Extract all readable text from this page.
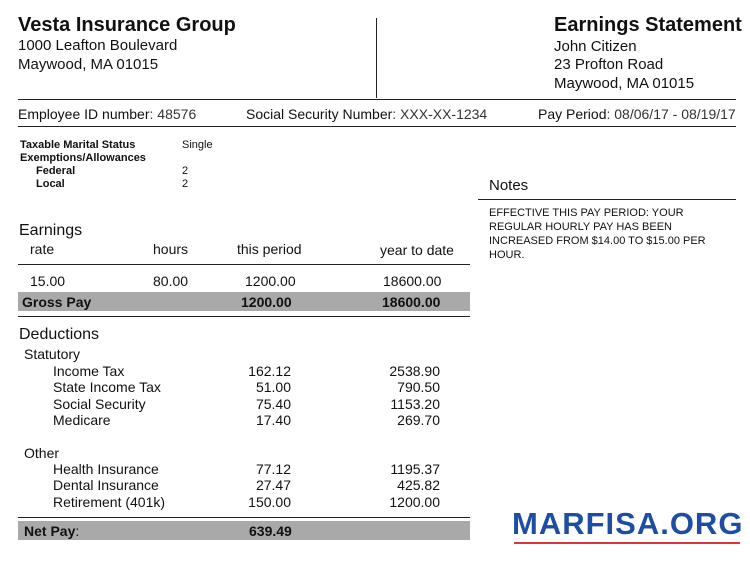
Vesta Insurance Group
1000 Leafton Boulevard
Maywood, MA 01015
Earnings Statement
John Citizen
23 Profton Road
Maywood, MA 01015
Employee ID number: 48576	Social Security Number: XXX-XX-1234	Pay Period: 08/06/17 - 08/19/17
Taxable Marital Status	Single
Exemptions/Allowances
Federal	2
Local	2
Earnings
rate	hours	this period	year to date
15.00	80.00	1200.00	18600.00
Gross Pay	1200.00	18600.00
Deductions
Statutory
Income Tax	162.12	2538.90
State Income Tax	51.00	790.50
Social Security	75.40	1153.20
Medicare	17.40	269.70
Other
Health Insurance	77.12	1195.37
Dental Insurance	27.47	425.82
Retirement (401k)	150.00	1200.00
Net Pay:	639.49
Notes
EFFECTIVE THIS PAY PERIOD: YOUR REGULAR HOURLY PAY HAS BEEN INCREASED FROM $14.00 TO $15.00 PER HOUR.
MARFISA.ORG
